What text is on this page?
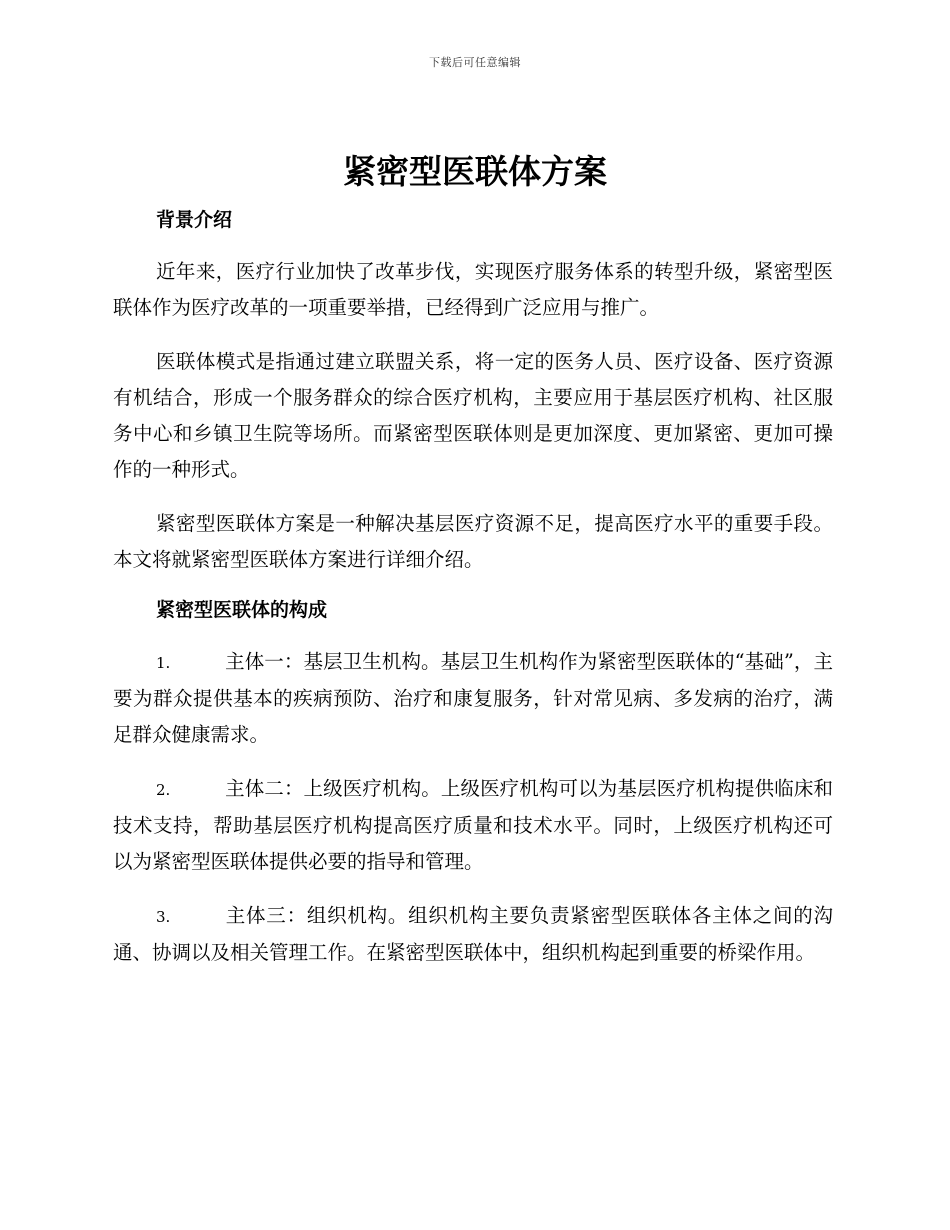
下载后可任意编辑
紧密型医联体方案
背景介绍

近年来，医疗行业加快了改革步伐，实现医疗服务体系的转型升级，紧密型医联体作为医疗改革的一项重要举措，已经得到广泛应用与推广。

医联体模式是指通过建立联盟关系，将一定的医务人员、医疗设备、医疗资源有机结合，形成一个服务群众的综合医疗机构，主要应用于基层医疗机构、社区服务中心和乡镇卫生院等场所。而紧密型医联体则是更加深度、更加紧密、更加可操作的一种形式。

紧密型医联体方案是一种解决基层医疗资源不足，提高医疗水平的重要手段。本文将就紧密型医联体方案进行详细介绍。

紧密型医联体的构成

1.	主体一：基层卫生机构。基层卫生机构作为紧密型医联体的“基础”，主要为群众提供基本的疾病预防、治疗和康复服务，针对常见病、多发病的治疗，满足群众健康需求。

2.	主体二：上级医疗机构。上级医疗机构可以为基层医疗机构提供临床和技术支持，帮助基层医疗机构提高医疗质量和技术水平。同时，上级医疗机构还可以为紧密型医联体提供必要的指导和管理。

3.	主体三：组织机构。组织机构主要负责紧密型医联体各主体之间的沟通、协调以及相关管理工作。在紧密型医联体中，组织机构起到重要的桥梁作用。
